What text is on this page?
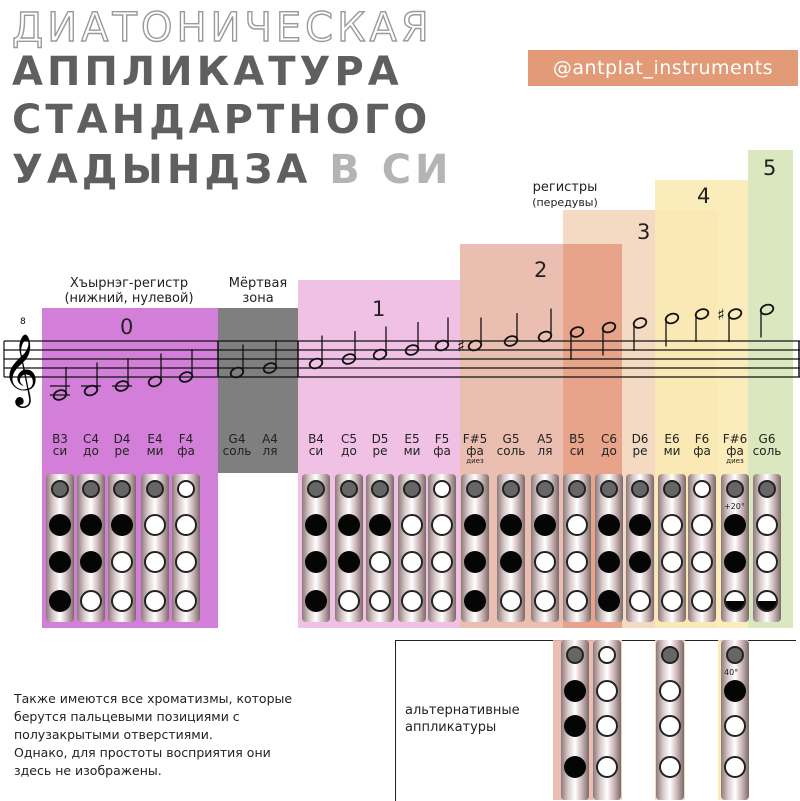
ДИАТОНИЧЕСКАЯ
АППЛИКАТУРА
СТАНДАРТНОГО
УАДЫНДЗА В СИ
@antplat_instruments
Хъырнэг-регистр
(нижний, нулевой)
Мёртвая
зона
регистры
(передувы)
0
1
2
3
4
5
8
𝄞	♯
♯
B3
си
C4
до
D4
ре
E4
ми
F4
фа
G4
соль
A4
ля
B4
си
C5
до
D5
ре
E5
ми
F5
фа
F#5
фа
диез
G5
соль
A5
ля
B5
си
C6
до
D6
ре
E6
ми
F6
фа
F#6
фа
диез
G6
соль
+20°
альтернативные
аппликатуры
40°
Также имеются все хроматизмы, которые
берутся пальцевыми позициями с
полузакрытыми отверстиями.
Однако, для простоты восприятия они
здесь не изображены.
